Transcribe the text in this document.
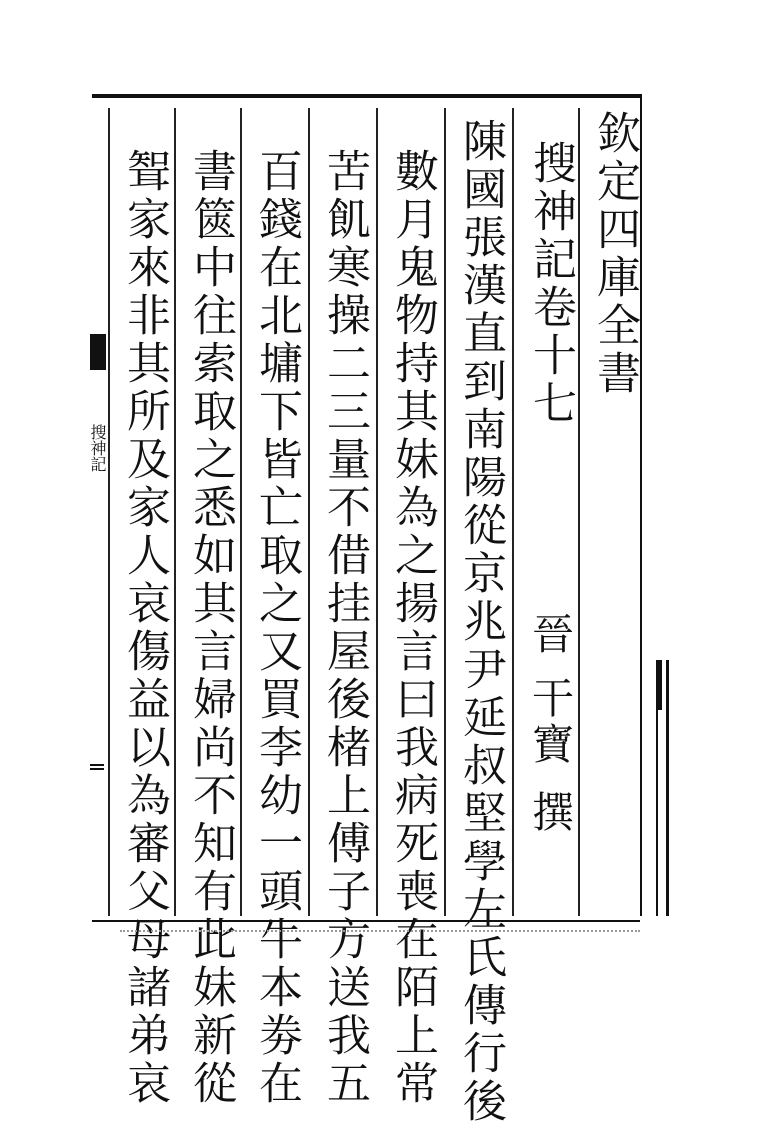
欽定四庫全書
搜神記卷十七
晉
干寶
撰
陳國張漢直到南陽從京兆尹延叔堅學左氏傳行後
數月鬼物持其妹為之揚言曰我病死喪在陌上常
苦飢寒操二三量不借挂屋後楮上傅子方送我五
百錢在北墉下皆亡取之又買李幼一頭牛本劵在
書篋中往索取之悉如其言婦尚不知有此妹新從
聟家來非其所及家人哀傷益以為審父母諸弟哀
搜神記
